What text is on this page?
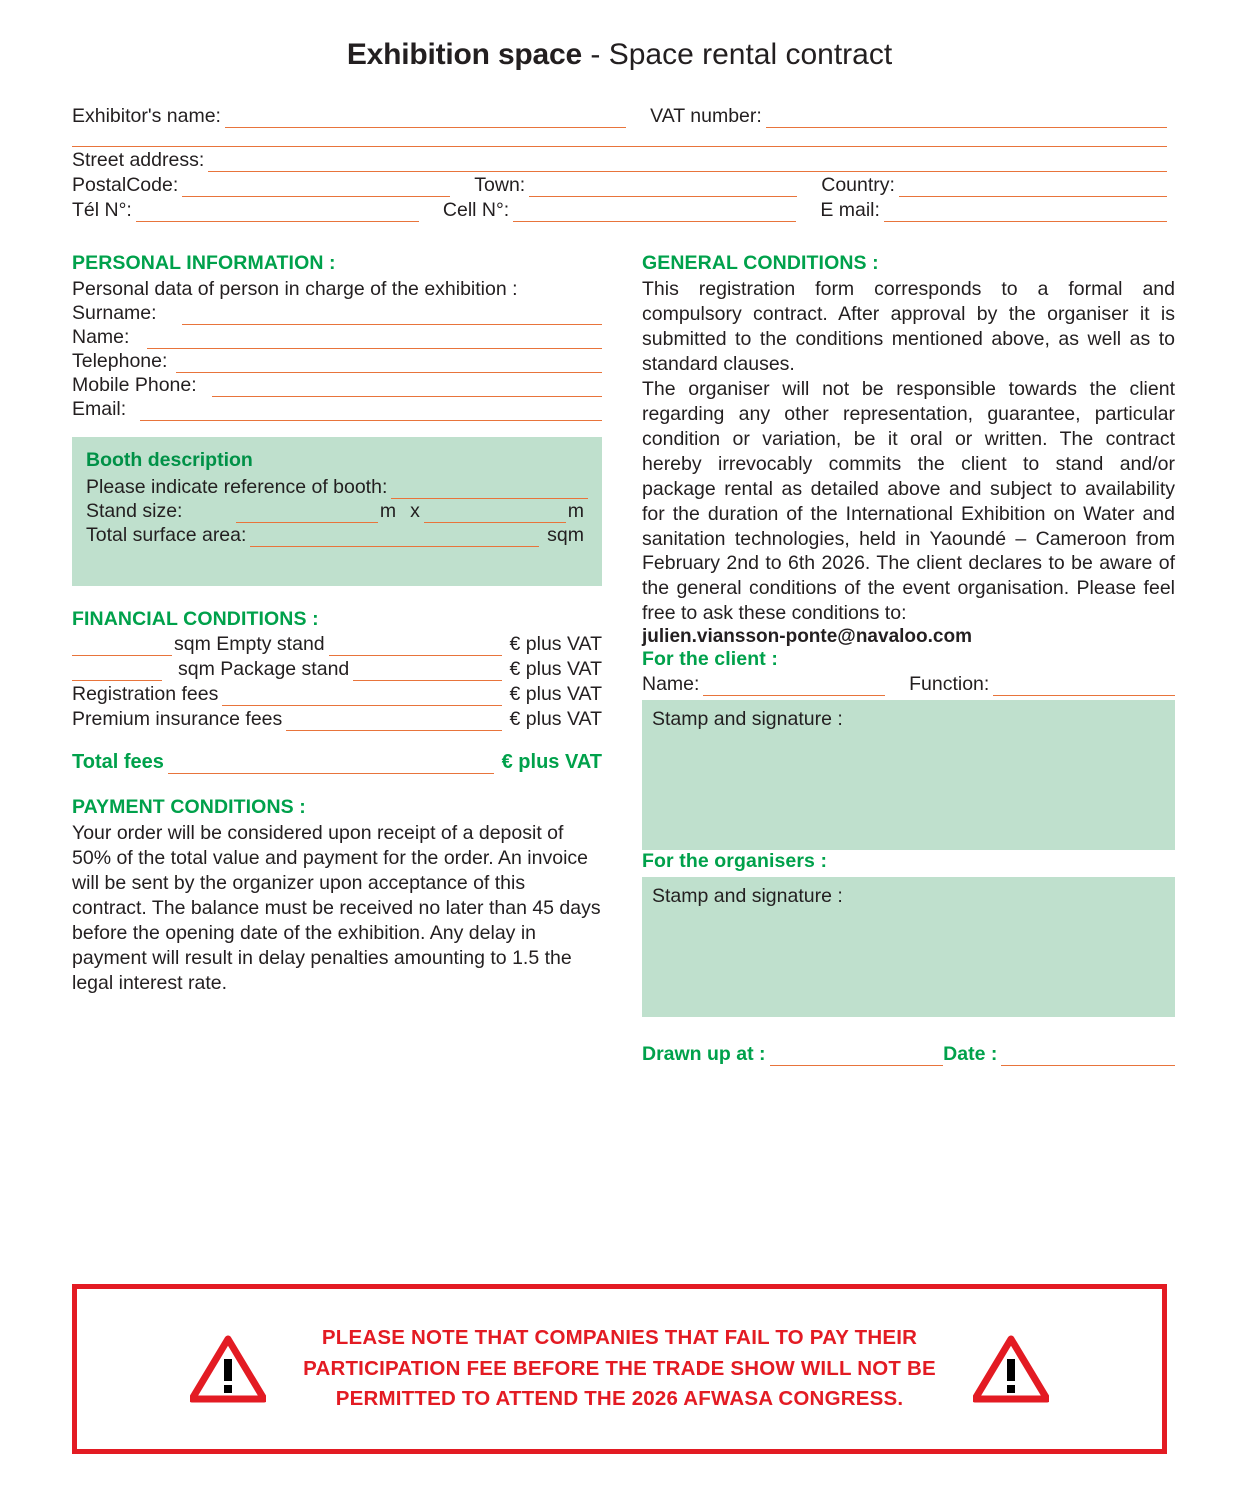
Exhibition space - Space rental contract
Exhibitor's name:	VAT number:
Street address:
PostalCode:	Town:	Country:
Tél N°:	Cell N°:	E mail:
PERSONAL INFORMATION :

Personal data of person in charge of the exhibition :

Surname:
Name:
Telephone:
Mobile Phone:
Email:
Booth description
Please indicate reference of booth:
Stand size:	m x	m
Total surface area:	sqm
FINANCIAL CONDITIONS :
sqm Empty stand	€ plus VAT
sqm Package stand	€ plus VAT
Registration fees	€ plus VAT
Premium insurance fees	€ plus VAT
Total fees	€ plus VAT
PAYMENT CONDITIONS :

Your order will be considered upon receipt of a deposit of 50% of the total value and payment for the order. An invoice will be sent by the organizer upon acceptance of this contract. The balance must be received no later than 45 days before the opening date of the exhibition. Any delay in payment will result in delay penalties amounting to 1.5 the legal interest rate.

GENERAL CONDITIONS :

This registration form corresponds to a formal and compulsory contract. After approval by the organiser it is submitted to the conditions mentioned above, as well as to standard clauses.

The organiser will not be responsible towards the client regarding any other representation, guarantee, particular condition or variation, be it oral or written. The contract hereby irrevocably commits the client to stand and/or package rental as detailed above and subject to availability for the duration of the International Exhibition on Water and sanitation technologies, held in Yaoundé – Cameroon from February 2nd to 6th 2026. The client declares to be aware of the general conditions of the event organisation. Please feel free to ask these conditions to:

julien.viansson-ponte@navaloo.com
For the client :
Name:	Function:
Stamp and signature :
For the organisers :
Stamp and signature :
Drawn up at :	Date :
PLEASE NOTE THAT COMPANIES THAT FAIL TO PAY THEIR
PARTICIPATION FEE BEFORE THE TRADE SHOW WILL NOT BE
PERMITTED TO ATTEND THE 2026 AFWASA CONGRESS.
